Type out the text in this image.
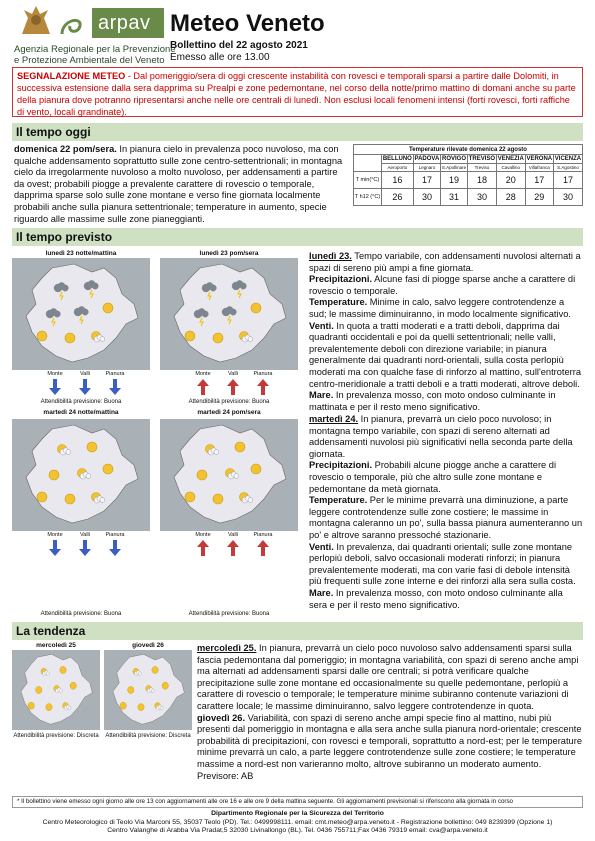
arpav
Agenzia Regionale per la Prevenzione
e Protezione Ambientale del Veneto
Meteo Veneto
Bollettino del 22 agosto 2021
Emesso alle ore 13.00
SEGNALAZIONE METEO - Dal pomeriggio/sera di oggi crescente instabilità con rovesci e temporali sparsi a partire dalle Dolomiti, in successiva estensione dalla sera dapprima su Prealpi e zone pedemontane, nel corso della notte/primo mattino di domani anche su parte della pianura dove potranno ripresentarsi anche nelle ore centrali di lunedì. Non esclusi locali fenomeni intensi (forti rovesci, forti raffiche di vento, locali grandinate).
Il tempo oggi
domenica 22 pom/sera. In pianura cielo in prevalenza poco nuvoloso, ma con qualche addensamento soprattutto sulle zone centro-settentrionali; in montagna cielo da irregolarmente nuvoloso a molto nuvoloso, per addensamenti a partire da ovest; probabili piogge a prevalente carattere di rovescio o temporale, dapprima sparse solo sulle zone montane e verso fine giornata localmente probabili anche sulla pianura settentrionale; temperature in aumento, specie riguardo alle massime sulle zone pianeggianti.
Temperature rilevate domenica 22 agosto							
	BELLUNO	PADOVA	ROVIGO	TREVISO	VENEZIA	VERONA	VICENZA
	Aeroporto	Legnaro	S.Apollinare	Treviso	Cavallino	Villafranca	S.Agostino
T min(°C)	16	17	19	18	20	17	17
T h12 (°C)	26	30	31	30	28	29	30
Il tempo previsto
lunedì 23 notte/mattina	lunedì 23 pom/sera
martedì 24 notte/mattina	martedì 24 pom/sera
Monte	Valli	Pianura	Monte	Valli	Pianura
Monte	Valli	Pianura	Monte	Valli	Pianura
Attendibilità previsione: Buona	Attendibilità previsione: Buona
Attendibilità previsione: Buona	Attendibilità previsione: Buona
lunedì 23. Tempo variabile, con addensamenti nuvolosi alternati a spazi di sereno più ampi a fine giornata.
Precipitazioni. Alcune fasi di piogge sparse anche a carattere di rovescio o temporale.
Temperature. Minime in calo, salvo leggere controtendenze a sud; le massime diminuiranno, in modo localmente significativo.
Venti. In quota a tratti moderati e a tratti deboli, dapprima dai quadranti occidentali e poi da quelli settentrionali; nelle valli, prevalentemente deboli con direzione variabile; in pianura generalmente dai quadranti nord-orientali, sulla costa perlopiù moderati ma con qualche fase di rinforzo al mattino, sull'entroterra centro-meridionale a tratti deboli e a tratti moderati, altrove deboli.
Mare. In prevalenza mosso, con moto ondoso culminante in mattinata e per il resto meno significativo.
martedì 24. In pianura, prevarrà un cielo poco nuvoloso; in montagna tempo variabile, con spazi di sereno alternati ad addensamenti nuvolosi più significativi nella seconda parte della giornata.
Precipitazioni. Probabili alcune piogge anche a carattere di rovescio o temporale, più che altro sulle zone montane e pedemontane da metà giornata.
Temperature. Per le minime prevarrà una diminuzione, a parte leggere controtendenze sulle zone costiere; le massime in montagna caleranno un po', sulla bassa pianura aumenteranno un po' e altrove saranno pressoché stazionarie.
Venti. In prevalenza, dai quadranti orientali; sulle zone montane perlopiù deboli, salvo occasionali moderati rinforzi; in pianura prevalentemente moderati, ma con varie fasi di debole intensità più frequenti sulle zone interne e dei rinforzi alla sera sulla costa.
Mare. In prevalenza mosso, con moto ondoso culminante alla sera e per il resto meno significativo.
La tendenza
mercoledì 25	giovedì 26
Attendibilità previsione: Discreta	Attendibilità previsione: Discreta
mercoledì 25. In pianura, prevarrà un cielo poco nuvoloso salvo addensamenti sparsi sulla fascia pedemontana dal pomeriggio; in montagna variabilità, con spazi di sereno anche ampi ma alternati ad addensamenti sparsi dalle ore centrali; si potrà verificare qualche precipitazione sulle zone montane ed occasionalmente su quelle pedemontane, perlopiù a carattere di rovescio o temporale; le temperature minime subiranno contenute variazioni di carattere locale; le massime diminuiranno, salvo leggere controtendenze in quota.
giovedì 26. Variabilità, con spazi di sereno anche ampi specie fino al mattino, nubi più presenti dal pomeriggio in montagna e alla sera anche sulla pianura nord-orientale; crescente probabilità di precipitazioni, con rovesci e temporali, soprattutto a nord-est; per le temperature minime prevarrà un calo, a parte leggere controtendenze sulle zone costiere; le temperature massime a nord-est non varieranno molto, altrove subiranno un moderato aumento.
Previsore: AB
* Il bollettino viene emesso ogni giorno alle ore 13 con aggiornamenti alle ore 16 e alle ore 9 della mattina seguente. Gli aggiornamenti previsionali si riferiscono alla giornata in corso
Dipartimento Regionale per la Sicurezza del Territorio
Centro Meteorologico di Teolo Via Marconi 55, 35037 Teolo (PD). Tel.: 0499998111. email: cmt.meteo@arpa.veneto.it - Registrazione bollettino: 049 8239399 (Opzione 1)
Centro Valanghe di Arabba Via Pradat,5 32030 Livinallongo (BL). Tel. 0436 755711;Fax 0436 79319 email: cva@arpa.veneto.it
